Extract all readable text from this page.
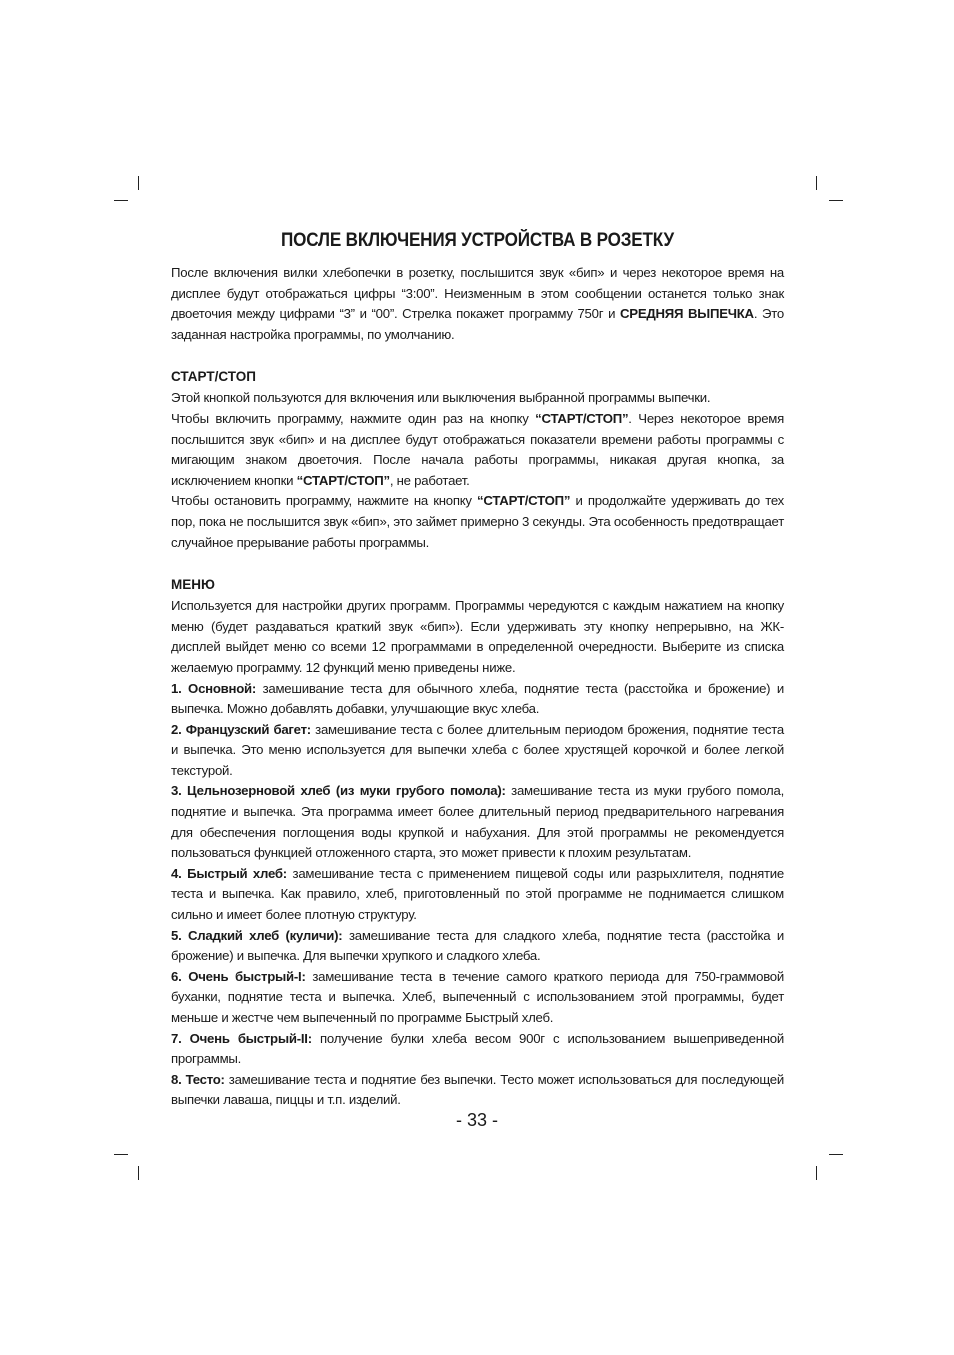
ПОСЛЕ ВКЛЮЧЕНИЯ УСТРОЙСТВА В РОЗЕТКУ

После включения вилки хлебопечки в розетку, послышится звук «бип» и через некоторое время на дисплее будут отображаться цифры “3:00”. Неизменным в этом сообщении останется только знак двоеточия между цифрами “3” и “00”. Стрелка покажет программу 750г и СРЕДНЯЯ ВЫПЕЧКА. Это заданная настройка программы, по умолчанию.

СТАРТ/СТОП

Этой кнопкой пользуются для включения или выключения выбранной программы выпечки.

Чтобы включить программу, нажмите один раз на кнопку “СТАРТ/СТОП”. Через некоторое время послышится звук «бип» и на дисплее будут отображаться показатели времени работы программы с мигающим знаком двоеточия. После начала работы программы, никакая другая кнопка, за исключением кнопки “СТАРТ/СТОП”, не работает.

Чтобы остановить программу, нажмите на кнопку “СТАРТ/СТОП” и продолжайте удерживать до тех пор, пока не послышится звук «бип», это займет примерно 3 секунды. Эта особенность предотвращает случайное прерывание работы программы.

МЕНЮ

Используется для настройки других программ. Программы чередуются с каждым нажатием на кнопку меню (будет раздаваться краткий звук «бип»). Если удерживать эту кнопку непрерывно, на ЖК-дисплей выйдет меню со всеми 12 программами в определенной очередности. Выберите из списка желаемую программу. 12 функций меню приведены ниже.

1. Основной: замешивание теста для обычного хлеба, поднятие теста (расстойка и брожение) и выпечка. Можно добавлять добавки, улучшающие вкус хлеба.

2. Французский багет: замешивание теста с более длительным периодом брожения, поднятие теста и выпечка. Это меню используется для выпечки хлеба с более хрустящей корочкой и более легкой текстурой.

3. Цельнозерновой хлеб (из муки грубого помола): замешивание теста из муки грубого помола, поднятие и выпечка. Эта программа имеет более длительный период предварительного нагревания для обеспечения поглощения воды крупкой и набухания. Для этой программы не рекомендуется пользоваться функцией отложенного старта, это может привести к плохим результатам.

4. Быстрый хлеб: замешивание теста с применением пищевой соды или разрыхлителя, поднятие теста и выпечка. Как правило, хлеб, приготовленный по этой программе не поднимается слишком сильно и имеет более плотную структуру.

5. Сладкий хлеб (куличи): замешивание теста для сладкого хлеба, поднятие теста (расстойка и брожение) и выпечка. Для выпечки хрупкого и сладкого хлеба.

6. Очень быстрый-I: замешивание теста в течение самого краткого периода для 750-граммовой буханки, поднятие теста и выпечка. Хлеб, выпеченный с использованием этой программы, будет меньше и жестче чем выпеченный по программе Быстрый хлеб.

7. Очень быстрый-II: получение булки хлеба весом 900г с использованием вышеприведенной программы.

8. Тесто: замешивание теста и поднятие без выпечки. Тесто может использоваться для последующей выпечки лаваша, пиццы и т.п. изделий.

- 33 -
